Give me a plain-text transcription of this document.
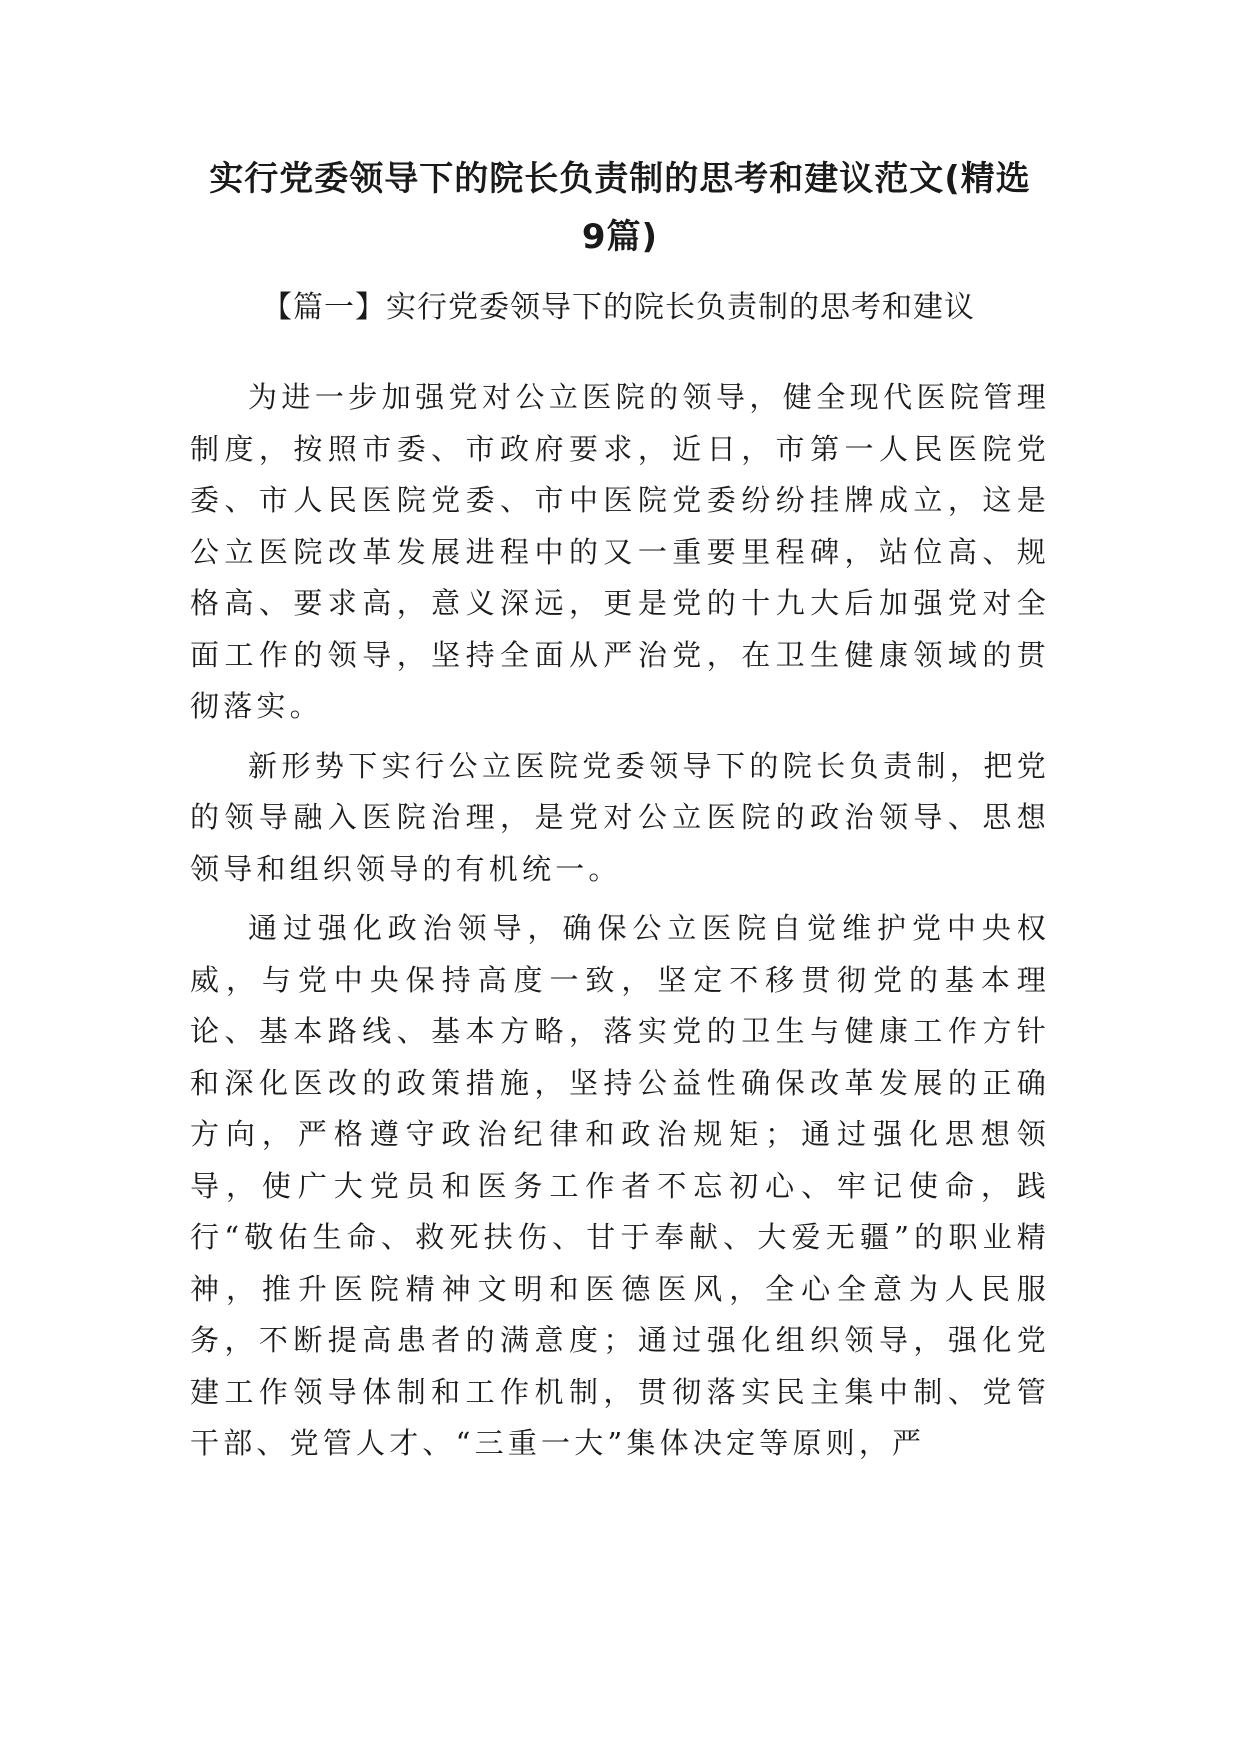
实行党委领导下的院长负责制的思考和建议范文(精选
9篇)
【篇一】实行党委领导下的院长负责制的思考和建议

为进一步加强党对公立医院的领导，健全现代医院管理制度，按照市委、市政府要求，近日，市第一人民医院党委、市人民医院党委、市中医院党委纷纷挂牌成立，这是公立医院改革发展进程中的又一重要里程碑，站位高、规格高、要求高，意义深远，更是党的十九大后加强党对全面工作的领导，坚持全面从严治党，在卫生健康领域的贯彻落实。

新形势下实行公立医院党委领导下的院长负责制，把党的领导融入医院治理，是党对公立医院的政治领导、思想领导和组织领导的有机统一。

通过强化政治领导，确保公立医院自觉维护党中央权威，与党中央保持高度一致，坚定不移贯彻党的基本理论、基本路线、基本方略，落实党的卫生与健康工作方针和深化医改的政策措施，坚持公益性确保改革发展的正确方向，严格遵守政治纪律和政治规矩；通过强化思想领导，使广大党员和医务工作者不忘初心、牢记使命，践行“敬佑生命、救死扶伤、甘于奉献、大爱无疆”的职业精神，推升医院精神文明和医德医风，全心全意为人民服务，不断提高患者的满意度；通过强化组织领导，强化党建工作领导体制和工作机制，贯彻落实民主集中制、党管干部、党管人才、“三重一大”集体决定等原则，严
